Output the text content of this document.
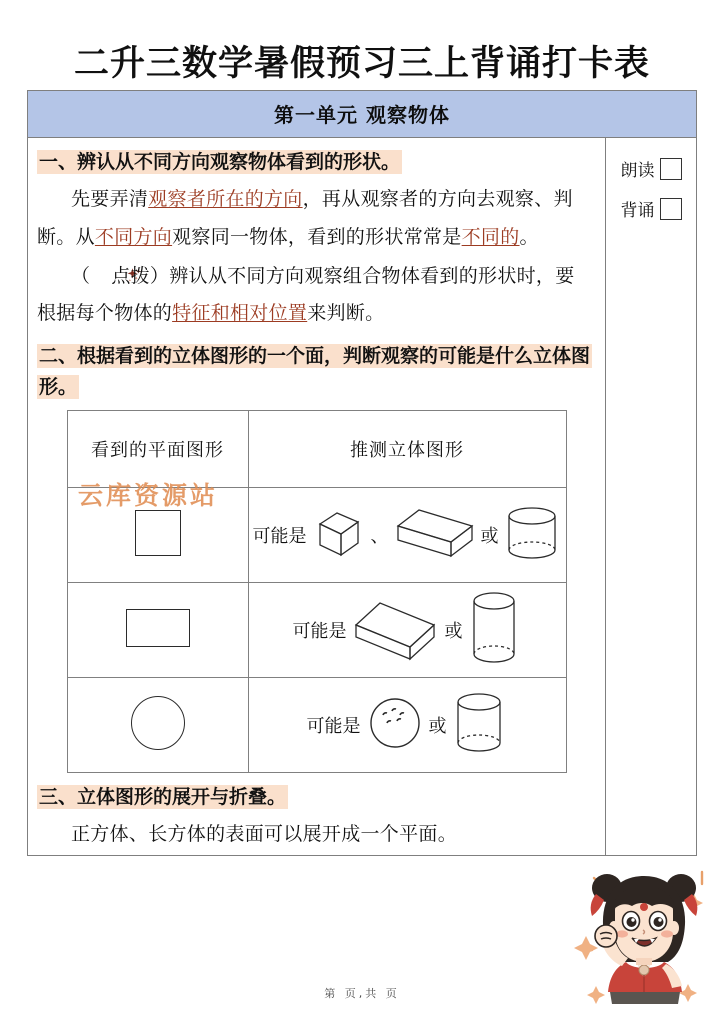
二升三数学暑假预习三上背诵打卡表
第一单元 观察物体
一、辨认从不同方向观察物体看到的形状。

先要弄清观察者所在的方向，再从观察者的方向去观察、判断。从不同方向观察同一物体，看到的形状常常是不同的。

（ 点拨）辨认从不同方向观察组合物体看到的形状时，要根据每个物体的特征和相对位置来判断。

二、根据看到的立体图形的一个面，判断观察的可能是什么立体图形。
看到的平面图形	推测立体图形

	可能是 、 或

	可能是 或

	可能是 或
三、立体图形的展开与折叠。

正方体、长方体的表面可以展开成一个平面。

云库资源站
朗读
背诵
第 页,共 页
